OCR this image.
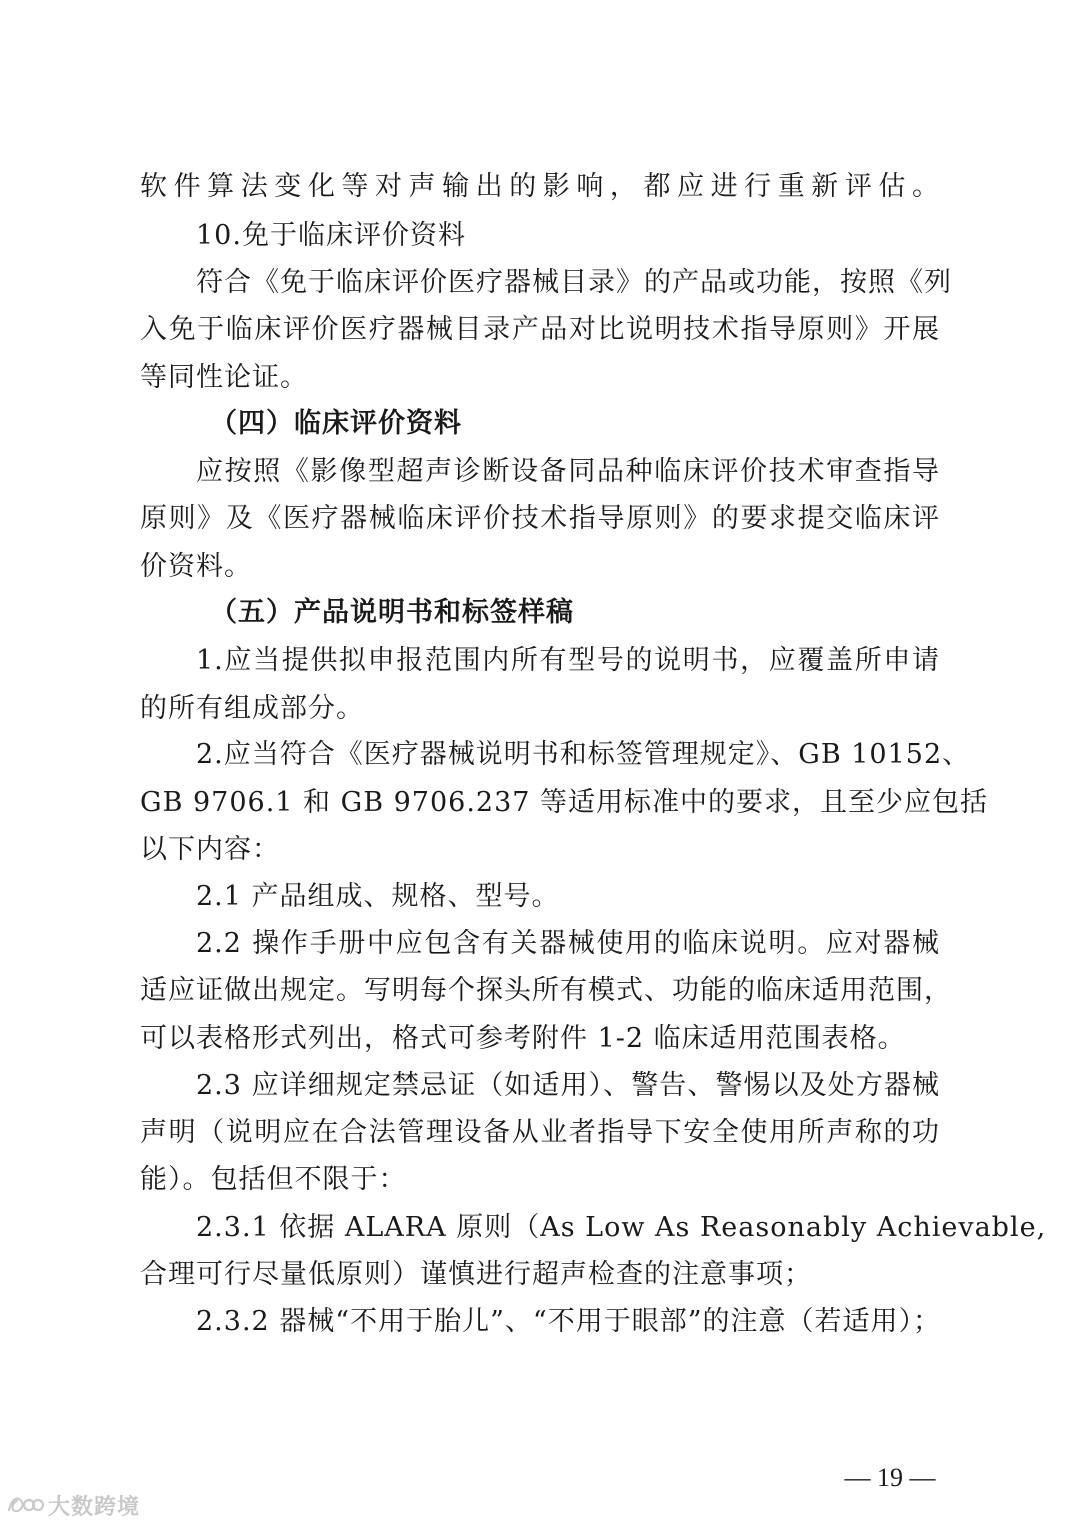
软件算法变化等对声输出的影响，都应进行重新评估。
10.免于临床评价资料
符合《免于临床评价医疗器械目录》的产品或功能，按照《列
入免于临床评价医疗器械目录产品对比说明技术指导原则》开展
等同性论证。
（四）临床评价资料
应按照《影像型超声诊断设备同品种临床评价技术审查指导
原则》及《医疗器械临床评价技术指导原则》的要求提交临床评
价资料。
（五）产品说明书和标签样稿
1.应当提供拟申报范围内所有型号的说明书，应覆盖所申请
的所有组成部分。
2.应当符合《医疗器械说明书和标签管理规定》、GB 10152、
GB 9706.1 和 GB 9706.237 等适用标准中的要求，且至少应包括
以下内容：
2.1 产品组成、规格、型号。
2.2 操作手册中应包含有关器械使用的临床说明。应对器械
适应证做出规定。写明每个探头所有模式、功能的临床适用范围，
可以表格形式列出，格式可参考附件 1-2 临床适用范围表格。
2.3 应详细规定禁忌证（如适用）、警告、警惕以及处方器械
声明（说明应在合法管理设备从业者指导下安全使用所声称的功
能）。包括但不限于：
2.3.1 依据 ALARA 原则（As Low As Reasonably Achievable,
合理可行尽量低原则）谨慎进行超声检查的注意事项；
2.3.2 器械“不用于胎儿”、“不用于眼部”的注意（若适用）；
— 19 —
大数跨境
